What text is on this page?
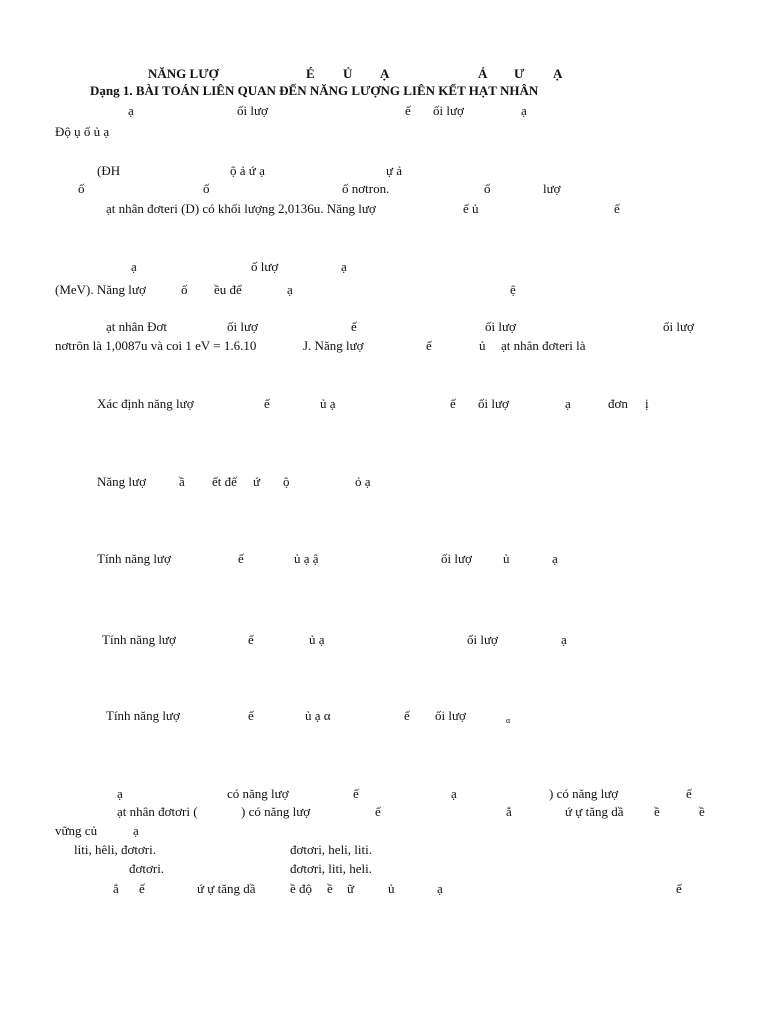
NĂNG LƯỢ	É Ủ Ạ	Ả Ư Ạ
Dạng 1. BÀI TOÁN LIÊN QUAN ĐẾN NĂNG LƯỢNG LIÊN KẾT HẠT NHÂN
ạ	ối lượ	ế ối lượ	ạ
Độ ụ ố ủ ạ
(ĐH	ộ ả ứ ạ	ự ả
ố	ố	ố nơtron.	ố	lượ
ạt nhân đơteri (D) có khối lượng 2,0136u. Năng lượ	ế ủ	ế
ạ	ố lượ	ạ
(MeV). Năng lượ	ố ều để	ạ	ệ
ạt nhân Đơt	ối lượ	ế	ối lượ	ối lượ
nơtrôn là 1,0087u và coi 1 eV = 1.6.10	J. Năng lượ	ế	ủ ạt nhân đơteri là
Xác định năng lượ	ế	ủ ạ	ế ối lượ	ạ	đơn ị
Năng lượ	ầ ết để ứ ộ	ỏ ạ
Tính năng lượ	ế	ủ ạ ậ	ối lượ ủ	ạ
Tính năng lượ	ế	ủ ạ	ối lượ	ạ
Tính năng lượ	ế	ủ ạ α	ế ối lượ	α
ạ	có năng lượ	ế	ạ	) có năng lượ	ế
ạt nhân đơtơri (	) có năng lượ	ế	ắ	ứ ự tăng dầ ề	ề
vững củ	ạ
liti, hêli, đơtơri.	đơtơri, heli, liti.
đơtơri.	đơtơri, liti, heli.
ắ ế	ứ ự tăng dầ	ề độ ề ữ	ủ	ạ	ế
